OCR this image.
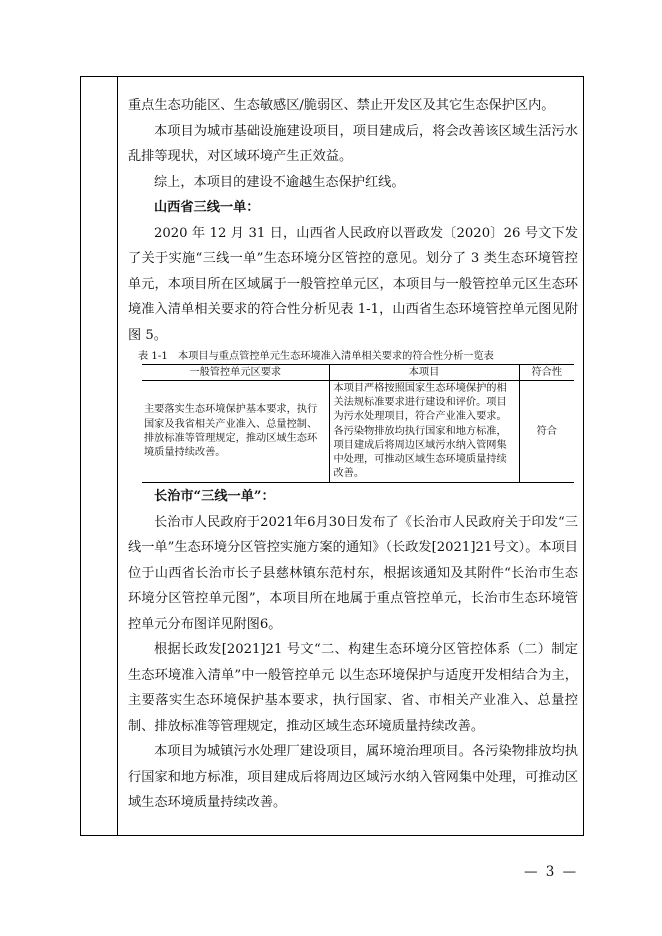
重点生态功能区、生态敏感区/脆弱区、禁止开发区及其它生态保护区内。

本项目为城市基础设施建设项目，项目建成后，将会改善该区域生活污水乱排等现状，对区域环境产生正效益。

综上，本项目的建设不逾越生态保护红线。

山西省三线一单：

2020 年 12 月 31 日，山西省人民政府以晋政发〔2020〕26 号文下发了关于实施“三线一单”生态环境分区管控的意见。划分了 3 类生态环境管控单元，本项目所在区域属于一般管控单元区，本项目与一般管控单元区生态环境准入清单相关要求的符合性分析见表 1-1，山西省生态环境管控单元图见附图 5。

表 1-1　本项目与重点管控单元生态环境准入清单相关要求的符合性分析一览表

一般管控单元区要求	本项目	符合性
主要落实生态环境保护基本要求，执行国家及我省相关产业准入、总量控制、排放标准等管理规定，推动区域生态环境质量持续改善。	本项目严格按照国家生态环境保护的相关法规标准要求进行建设和评价。项目为污水处理项目，符合产业准入要求。各污染物排放均执行国家和地方标准，项目建成后将周边区域污水纳入管网集中处理，可推动区域生态环境质量持续改善。	符合

长治市“三线一单”：

长治市人民政府于2021年6月30日发布了《长治市人民政府关于印发“三线一单”生态环境分区管控实施方案的通知》（长政发[2021]21号文）。本项目位于山西省长治市长子县慈林镇东范村东，根据该通知及其附件“长治市生态环境分区管控单元图”，本项目所在地属于重点管控单元，长治市生态环境管控单元分布图详见附图6。

根据长政发[2021]21 号文“二、构建生态环境分区管控体系（二）制定生态环境准入清单”中一般管控单元 以生态环境保护与适度开发相结合为主，主要落实生态环境保护基本要求，执行国家、省、市相关产业准入、总量控制、排放标准等管理规定，推动区域生态环境质量持续改善。

本项目为城镇污水处理厂建设项目，属环境治理项目。各污染物排放均执行国家和地方标准，项目建成后将周边区域污水纳入管网集中处理，可推动区域生态环境质量持续改善。

— 3 —
